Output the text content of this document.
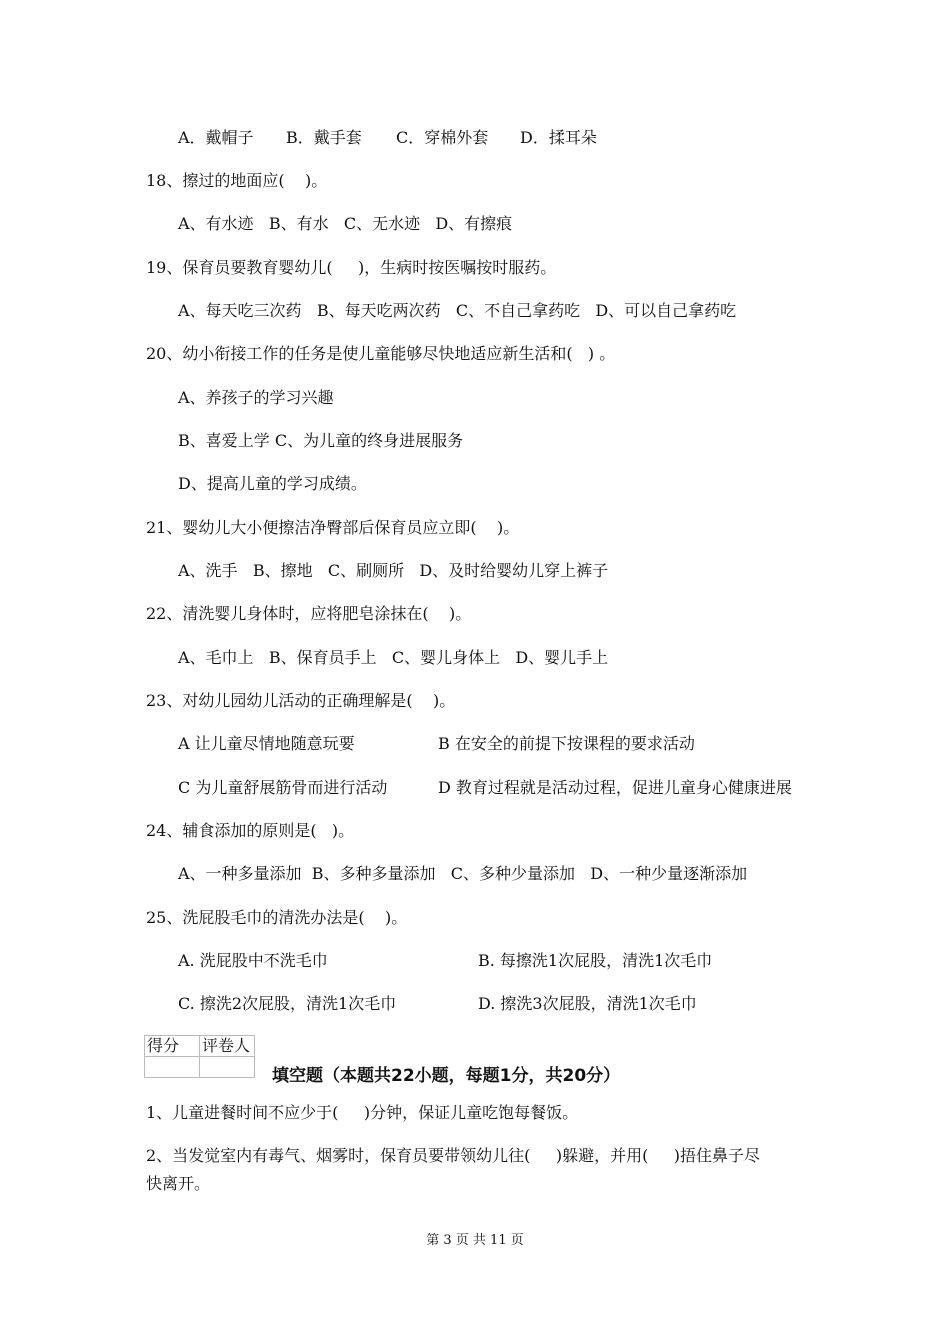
A．戴帽子 B．戴手套 C．穿棉外套 D．揉耳朵
18、擦过的地面应(    )。
A、有水迹   B、有水   C、无水迹   D、有擦痕
19、保育员要教育婴幼儿(     )，生病时按医嘱按时服药。
A、每天吃三次药   B、每天吃两次药   C、不自己拿药吃   D、可以自己拿药吃
20、幼小衔接工作的任务是使儿童能够尽快地适应新生活和(   ) 。
A、养孩子的学习兴趣
B、喜爱上学 C、为儿童的终身进展服务
D、提高儿童的学习成绩。
21、婴幼儿大小便擦洁净臀部后保育员应立即(    )。
A、洗手   B、擦地   C、刷厕所   D、及时给婴幼儿穿上裤子
22、清洗婴儿身体时，应将肥皂涂抹在(    )。
A、毛巾上   B、保育员手上   C、婴儿身体上   D、婴儿手上
23、对幼儿园幼儿活动的正确理解是(    )。
A 让儿童尽情地随意玩要	B 在安全的前提下按课程的要求活动
C 为儿童舒展筋骨而进行活动	D 教育过程就是活动过程，促进儿童身心健康进展
24、辅食添加的原则是(   )。
A、一种多量添加  B、多种多量添加   C、多种少量添加   D、一种少量逐渐添加
25、洗屁股毛巾的清洗办法是(    )。
A. 洗屁股中不洗毛巾	B. 每擦洗1次屁股，清洗1次毛巾
C. 擦洗2次屁股，清洗1次毛巾	D. 擦洗3次屁股，清洗1次毛巾
得分	评卷人

填空题（本题共22小题，每题1分，共20分）
1、儿童进餐时间不应少于(     )分钟，保证儿童吃饱每餐饭。
2、当发觉室内有毒气、烟雾时，保育员要带领幼儿往(     )躲避，并用(     )捂住鼻子尽
快离开。
第 3 页 共 11 页
